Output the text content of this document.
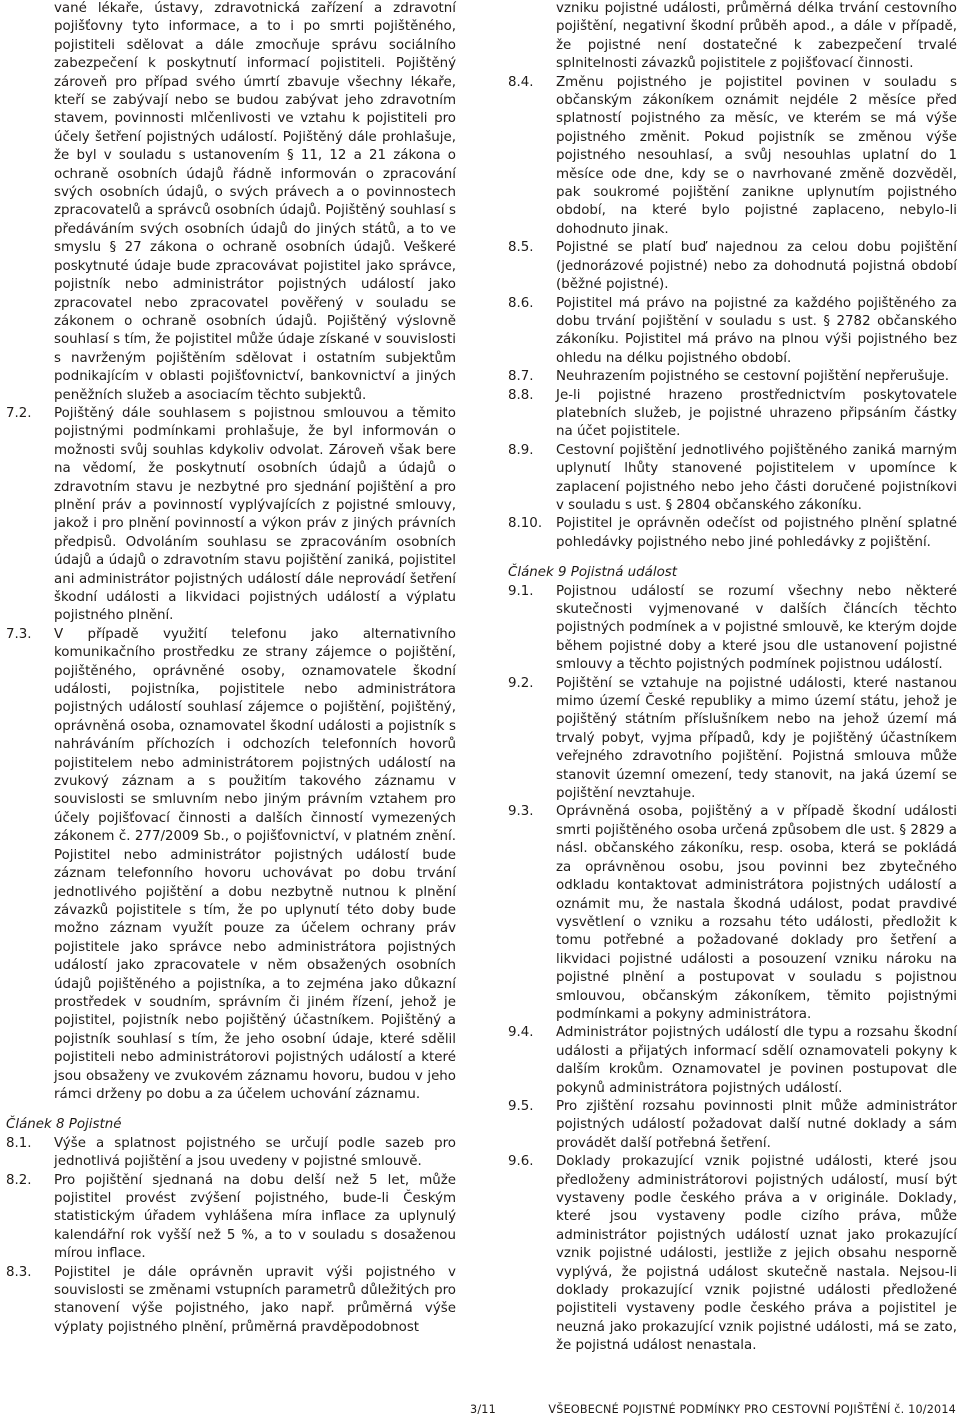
vané lékaře, ústavy, zdravotnická zařízení a zdravotní pojišťovny tyto informace, a to i po smrti pojištěného, pojistiteli sdělovat a dále zmocňuje správu sociálního zabezpečení k poskytnutí informací pojistiteli. Pojištěný zároveň pro případ svého úmrtí zbavuje všechny lékaře, kteří se zabývají nebo se budou zabývat jeho zdravotním stavem, povinnosti mlčenlivosti ve vztahu k pojistiteli pro účely šetření pojistných událostí. Pojištěný dále prohlašuje, že byl v souladu s ustanovením § 11, 12 a 21 zákona o ochraně osobních údajů řádně informován o zpracování svých osobních údajů, o svých právech a o povinnostech zpracovatelů a správců osobních údajů. Pojištěný souhlasí s předáváním svých osobních údajů do jiných států, a to ve smyslu § 27 zákona o ochraně osobních údajů. Veškeré poskytnuté údaje bude zpracovávat pojistitel jako správce, pojistník nebo administrátor pojistných událostí jako zpracovatel nebo zpracovatel pověřený v souladu se zákonem o ochraně osobních údajů. Pojištěný výslovně souhlasí s tím, že pojistitel může údaje získané v souvislosti s navrženým pojištěním sdělovat i ostatním subjektům podnikajícím v oblasti pojišťovnictví, bankovnictví a jiných peněžních služeb a asociacím těchto subjektů.

7.2.	Pojištěný dále souhlasem s pojistnou smlouvou a těmito pojistnými podmínkami prohlašuje, že byl informován o možnosti svůj souhlas kdykoliv odvolat. Zároveň však bere na vědomí, že poskytnutí osobních údajů a údajů o zdravotním stavu je nezbytné pro sjednání pojištění a pro plnění práv a povinností vyplývajících z pojistné smlouvy, jakož i pro plnění povinností a výkon práv z jiných právních předpisů. Odvoláním souhlasu se zpracováním osobních údajů a údajů o zdravotním stavu pojištění zaniká, pojistitel ani administrátor pojistných událostí dále neprovádí šetření škodní události a likvidaci pojistných událostí a výplatu pojistného plnění.
7.3.	V případě využití telefonu jako alternativního komunikačního prostředku ze strany zájemce o pojištění, pojištěného, oprávněné osoby, oznamovatele škodní události, pojistníka, pojistitele nebo administrátora pojistných událostí souhlasí zájemce o pojištění, pojištěný, oprávněná osoba, oznamovatel škodní události a pojistník s nahráváním příchozích i odchozích telefonních hovorů pojistitelem nebo administrátorem pojistných událostí na zvukový záznam a s použitím takového záznamu v souvislosti se smluvním nebo jiným právním vztahem pro účely pojišťovací činnosti a dalších činností vymezených zákonem č. 277/2009 Sb., o pojišťovnictví, v platném znění. Pojistitel nebo administrátor pojistných událostí bude záznam telefonního hovoru uchovávat po dobu trvání jednotlivého pojištění a dobu nezbytně nutnou k plnění závazků pojistitele s tím, že po uplynutí této doby bude možno záznam využít pouze za účelem ochrany práv pojistitele jako správce nebo administrátora pojistných událostí jako zpracovatele v něm obsažených osobních údajů pojištěného a pojistníka, a to zejména jako důkazní prostředek v soudním, správním či jiném řízení, jehož je pojistitel, pojistník nebo pojištěný účastníkem. Pojištěný a pojistník souhlasí s tím, že jeho osobní údaje, které sdělil pojistiteli nebo administrátorovi pojistných událostí a které jsou obsaženy ve zvukovém záznamu hovoru, budou v jeho rámci drženy po dobu a za účelem uchování záznamu.

Článek 8 Pojistné

8.1.	Výše a splatnost pojistného se určují podle sazeb pro jednotlivá pojištění a jsou uvedeny v pojistné smlouvě.
8.2.	Pro pojištění sjednaná na dobu delší než 5 let, může pojistitel provést zvýšení pojistného, bude-li Českým statistickým úřadem vyhlášena míra inflace za uplynulý kalendářní rok vyšší než 5 %, a to v souladu s dosaženou mírou inflace.
8.3.	Pojistitel je dále oprávněn upravit výši pojistného v souvislosti se změnami vstupních parametrů důležitých pro stanovení výše pojistného, jako např. průměrná výše výplaty pojistného plnění, průměrná pravděpodobnost

vzniku pojistné události, průměrná délka trvání cestovního pojištění, negativní škodní průběh apod., a dále v případě, že pojistné není dostatečné k zabezpečení trvalé splnitelnosti závazků pojistitele z pojišťovací činnosti.

8.4.	Změnu pojistného je pojistitel povinen v souladu s občanským zákoníkem oznámit nejdéle 2 měsíce před splatností pojistného za měsíc, ve kterém se má výše pojistného změnit. Pokud pojistník se změnou výše pojistného nesouhlasí, a svůj nesouhlas uplatní do 1 měsíce ode dne, kdy se o navrhované změně dozvěděl, pak soukromé pojištění zanikne uplynutím pojistného období, na které bylo pojistné zaplaceno, nebylo-li dohodnuto jinak.
8.5.	Pojistné se platí buď najednou za celou dobu pojištění (jednorázové pojistné) nebo za dohodnutá pojistná období (běžné pojistné).
8.6.	Pojistitel má právo na pojistné za každého pojištěného za dobu trvání pojištění v souladu s ust. § 2782 občanského zákoníku. Pojistitel má právo na plnou výši pojistného bez ohledu na délku pojistného období.
8.7.	Neuhrazením pojistného se cestovní pojištění nepřerušuje.
8.8.	Je-li pojistné hrazeno prostřednictvím poskytovatele platebních služeb, je pojistné uhrazeno připsáním částky na účet pojistitele.
8.9.	Cestovní pojištění jednotlivého pojištěného zaniká marným uplynutí lhůty stanovené pojistitelem v upomínce k zaplacení pojistného nebo jeho části doručené pojistníkovi v souladu s ust. § 2804 občanského zákoníku.
8.10.	Pojistitel je oprávněn odečíst od pojistného plnění splatné pohledávky pojistného nebo jiné pohledávky z pojištění.

Článek 9 Pojistná událost

9.1.	Pojistnou událostí se rozumí všechny nebo některé skutečnosti vyjmenované v dalších článcích těchto pojistných podmínek a v pojistné smlouvě, ke kterým dojde během pojistné doby a které jsou dle ustanovení pojistné smlouvy a těchto pojistných podmínek pojistnou událostí.
9.2.	Pojištění se vztahuje na pojistné události, které nastanou mimo území České republiky a mimo území státu, jehož je pojištěný státním příslušníkem nebo na jehož území má trvalý pobyt, vyjma případů, kdy je pojištěný účastníkem veřejného zdravotního pojištění. Pojistná smlouva může stanovit územní omezení, tedy stanovit, na jaká území se pojištění nevztahuje.
9.3.	Oprávněná osoba, pojištěný a v případě škodní události smrti pojištěného osoba určená způsobem dle ust. § 2829 a násl. občanského zákoníku, resp. osoba, která se pokládá za oprávněnou osobu, jsou povinni bez zbytečného odkladu kontaktovat administrátora pojistných událostí a oznámit mu, že nastala škodná událost, podat pravdivé vysvětlení o vzniku a rozsahu této události, předložit k tomu potřebné a požadované doklady pro šetření a likvidaci pojistné události a posouzení vzniku nároku na pojistné plnění a postupovat v souladu s pojistnou smlouvou, občanským zákoníkem, těmito pojistnými podmínkami a pokyny administrátora.
9.4.	Administrátor pojistných událostí dle typu a rozsahu škodní události a přijatých informací sdělí oznamovateli pokyny k dalším krokům. Oznamovatel je povinen postupovat dle pokynů administrátora pojistných událostí.
9.5.	Pro zjištění rozsahu povinnosti plnit může administrátor pojistných událostí požadovat další nutné doklady a sám provádět další potřebná šetření.
9.6.	Doklady prokazující vznik pojistné události, které jsou předloženy administrátorovi pojistných událostí, musí být vystaveny podle českého práva a v originále. Doklady, které jsou vystaveny podle cizího práva, může administrátor pojistných událostí uznat jako prokazující vznik pojistné události, jestliže z jejich obsahu nesporně vyplývá, že pojistná událost skutečně nastala. Nejsou-li doklady prokazující vznik pojistné události předložené pojistiteli vystaveny podle českého práva a pojistitel je neuzná jako prokazující vznik pojistné události, má se zato, že pojistná událost nenastala.
3/11	VŠEOBECNÉ POJISTNÉ PODMÍNKY PRO CESTOVNÍ POJIŠTĚNÍ č. 10/2014
